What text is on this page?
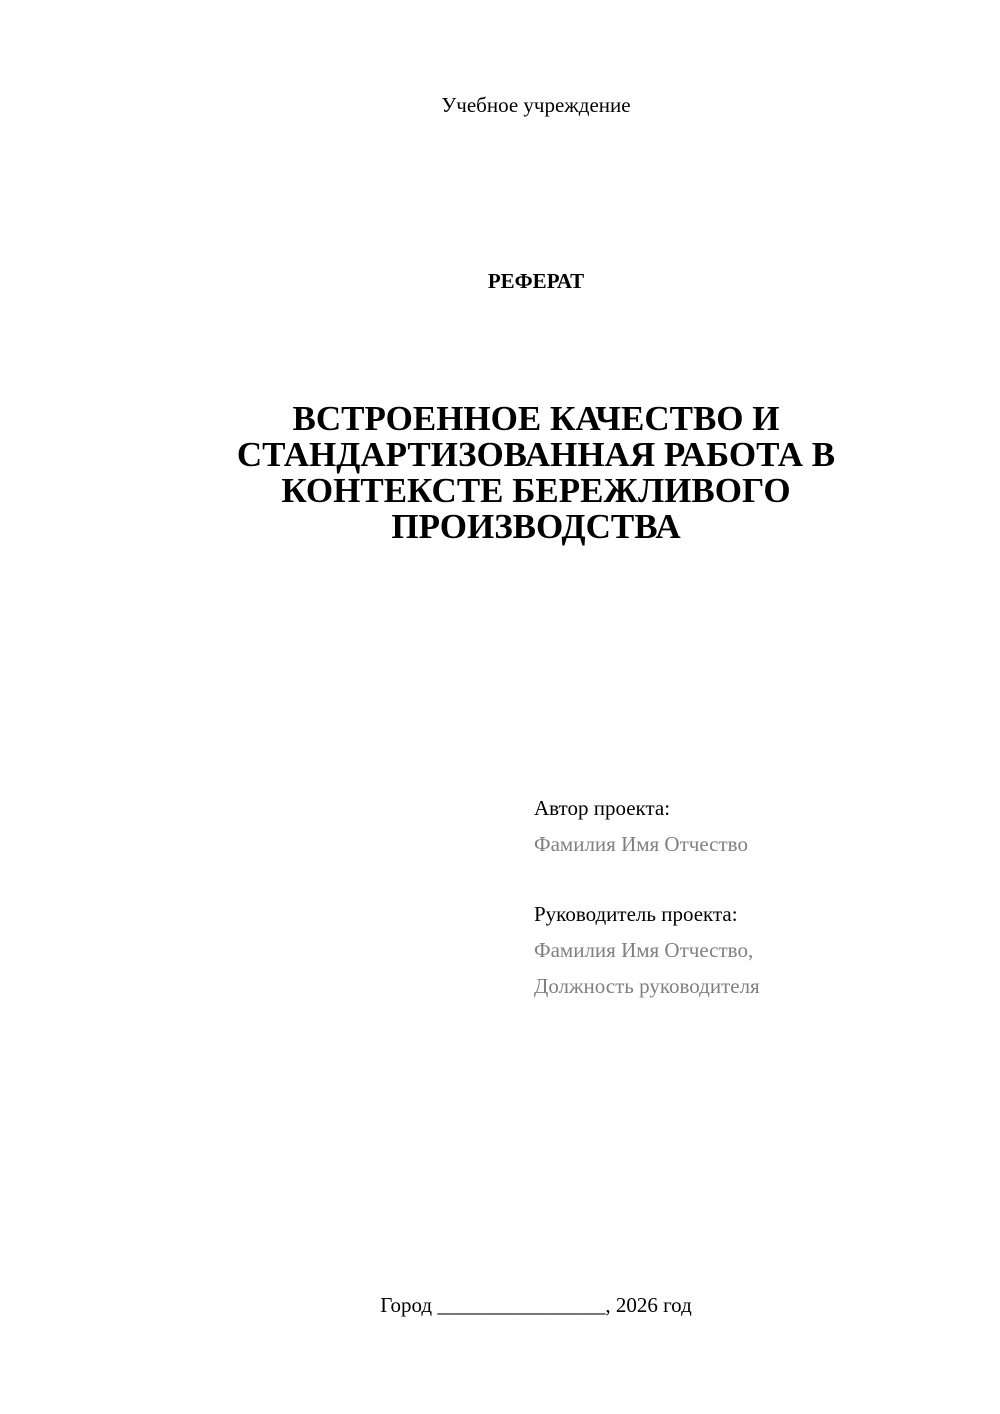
Учебное учреждение
РЕФЕРАТ
ВСТРОЕННОЕ КАЧЕСТВО И
СТАНДАРТИЗОВАННАЯ РАБОТА В
КОНТЕКСТЕ БЕРЕЖЛИВОГО
ПРОИЗВОДСТВА
Автор проекта:
Фамилия Имя Отчество
Руководитель проекта:
Фамилия Имя Отчество,
Должность руководителя
Город ________________, 2026 год
